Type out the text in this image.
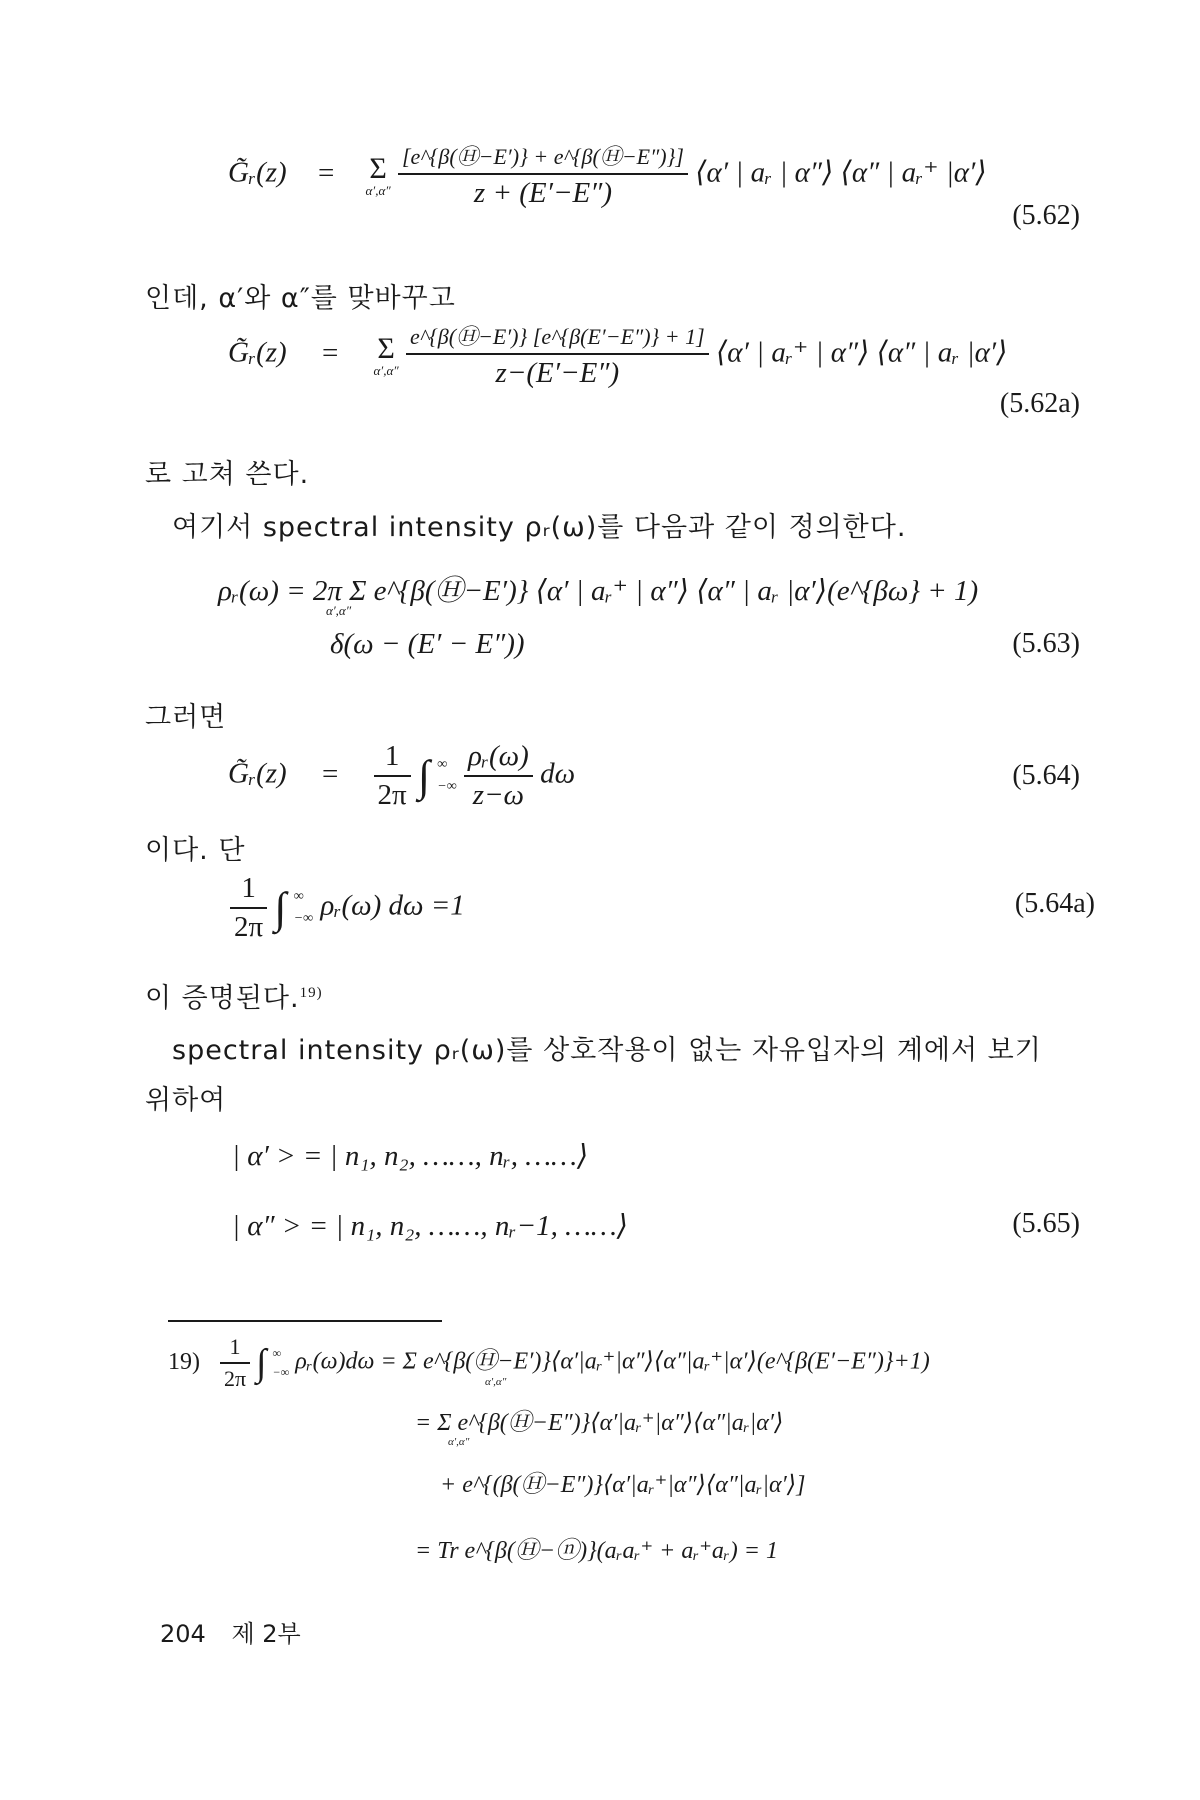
G͂ᵣ(z) = Σ
α′,α″
$\frac{[e\^{}\{\beta(Ⓗ-E')\} + e\^{}\{\beta(Ⓗ-E'')\}]}{z + (E'-E'')}$ ⟨α′ | aᵣ | α″⟩ ⟨α″ | aᵣ⁺ |α′⟩
(5.62)
인데, α′와 α″를 맞바꾸고
G͂ᵣ(z) = Σ
α′,α″
$\frac{e\^{}\{\beta(Ⓗ-E')\} [e\^{}\{\beta(E'-E'')\} + 1]}{z-(E'-E'')}$ ⟨α′ | aᵣ⁺ | α″⟩ ⟨α″ | aᵣ |α′⟩
(5.62a)
로 고쳐 쓴다.
여기서 spectral intensity ρᵣ(ω)를 다음과 같이 정의한다.
ρᵣ(ω) = 2π Σ e^{β(Ⓗ−E′)} ⟨α′ | aᵣ⁺ | α″⟩ ⟨α″ | aᵣ |α′⟩(e^{βω} + 1)
α′,α″
δ(ω − (E′ − E″))	(5.63)
그러면
G͂ᵣ(z) = $\frac{1}{2\pi}$ ∫ ∞
−∞
$\frac{\text{ρᵣ(ω)}}{z-\omega}$ dω	(5.64)
이다. 단
$\frac{1}{2\pi}$ ∫ ∞
−∞ ρᵣ(ω) dω =1	(5.64a)
이 증명된다.$^{19)}$
spectral intensity ρᵣ(ω)를 상호작용이 없는 자유입자의 계에서 보기
위하여
| α′ > = | n₁, n₂, ……, nᵣ, ……⟩
| α″ > = | n₁, n₂, ……, nᵣ−1, ……⟩	(5.65)
$19) \frac{1}{2\pi}$ ∫ ∞
−∞ ρᵣ(ω)dω = Σ e^{β(Ⓗ−E′)}⟨α′|aᵣ⁺|α″⟩⟨α″|aᵣ⁺|α′⟩(e^{β(E′−E″)}+1)
α′,α″
= Σ e^{β(Ⓗ−E″)}⟨α′|aᵣ⁺|α″⟩⟨α″|aᵣ|α′⟩
α′,α″
+ e^{(β(Ⓗ−E″)}⟨α′|aᵣ⁺|α″⟩⟨α″|aᵣ|α′⟩]
= Tr e^{β(Ⓗ−ⓝ)}(aᵣaᵣ⁺ + aᵣ⁺aᵣ) = 1
204 제 2부
